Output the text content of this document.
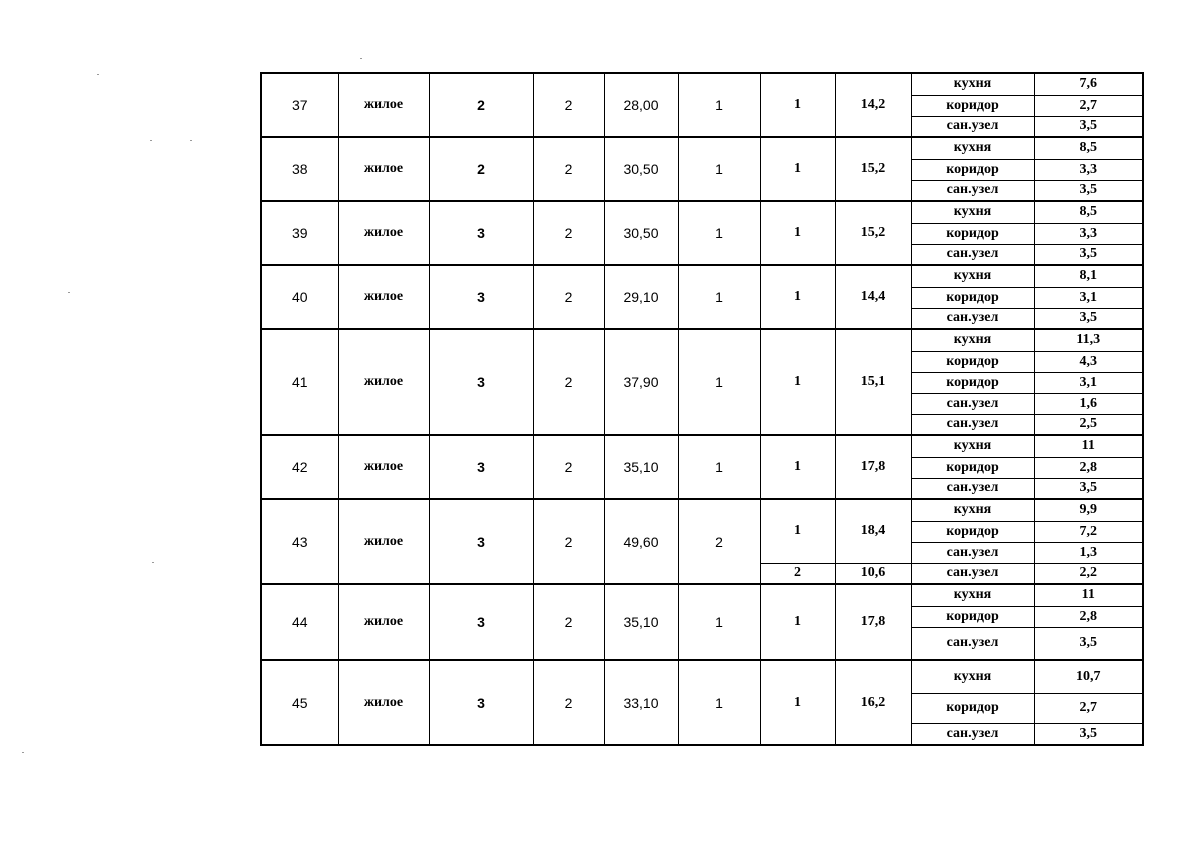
37	жилое	2	2	28,00	1	1	14,2	кухня	7,6
								коридор	2,7
								сан.узел	3,5
38	жилое	2	2	30,50	1	1	15,2	кухня	8,5
								коридор	3,3
								сан.узел	3,5
39	жилое	3	2	30,50	1	1	15,2	кухня	8,5
								коридор	3,3
								сан.узел	3,5
40	жилое	3	2	29,10	1	1	14,4	кухня	8,1
								коридор	3,1
								сан.узел	3,5
41	жилое	3	2	37,90	1	1	15,1	кухня	11,3
								коридор	4,3
								коридор	3,1
								сан.узел	1,6
								сан.узел	2,5
42	жилое	3	2	35,10	1	1	17,8	кухня	11
								коридор	2,8
								сан.узел	3,5
43	жилое	3	2	49,60	2	1	18,4	кухня	9,9
								коридор	7,2
								сан.узел	1,3
						2	10,6	сан.узел	2,2
44	жилое	3	2	35,10	1	1	17,8	кухня	11
								коридор	2,8
								сан.узел	3,5
45	жилое	3	2	33,10	1	1	16,2	кухня	10,7
								коридор	2,7
								сан.узел	3,5
